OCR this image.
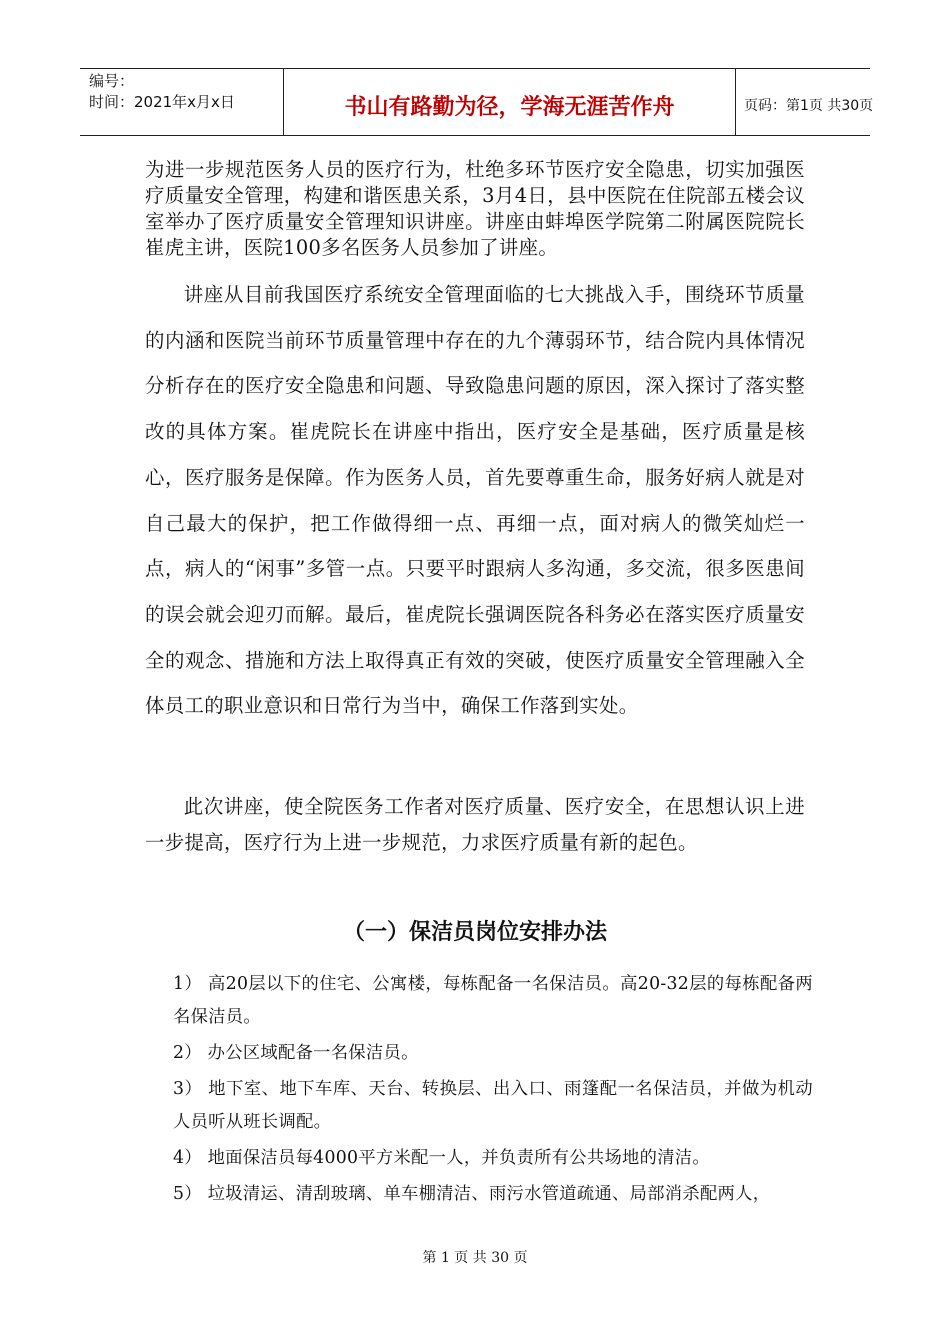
编号：
时间：2021年x月x日	书山有路勤为径，学海无涯苦作舟	页码：第1页 共30页

为进一步规范医务人员的医疗行为，杜绝多环节医疗安全隐患，切实加强医疗质量安全管理，构建和谐医患关系，3月4日，县中医院在住院部五楼会议室举办了医疗质量安全管理知识讲座。讲座由蚌埠医学院第二附属医院院长崔虎主讲，医院100多名医务人员参加了讲座。

讲座从目前我国医疗系统安全管理面临的七大挑战入手，围绕环节质量的内涵和医院当前环节质量管理中存在的九个薄弱环节，结合院内具体情况分析存在的医疗安全隐患和问题、导致隐患问题的原因，深入探讨了落实整改的具体方案。崔虎院长在讲座中指出，医疗安全是基础，医疗质量是核心，医疗服务是保障。作为医务人员，首先要尊重生命，服务好病人就是对自己最大的保护，把工作做得细一点、再细一点，面对病人的微笑灿烂一点，病人的“闲事”多管一点。只要平时跟病人多沟通，多交流，很多医患间的误会就会迎刃而解。最后，崔虎院长强调医院各科务必在落实医疗质量安全的观念、措施和方法上取得真正有效的突破，使医疗质量安全管理融入全体员工的职业意识和日常行为当中，确保工作落到实处。

此次讲座，使全院医务工作者对医疗质量、医疗安全，在思想认识上进一步提高，医疗行为上进一步规范，力求医疗质量有新的起色。

（一）保洁员岗位安排办法
1） 高20层以下的住宅、公寓楼，每栋配备一名保洁员。高20-32层的每栋配备两名保洁员。
2） 办公区域配备一名保洁员。
3） 地下室、地下车库、天台、转换层、出入口、雨篷配一名保洁员，并做为机动人员听从班长调配。
4） 地面保洁员每4000平方米配一人，并负责所有公共场地的清洁。
5） 垃圾清运、清刮玻璃、单车棚清洁、雨污水管道疏通、局部消杀配两人，

第 1 页 共 30 页
